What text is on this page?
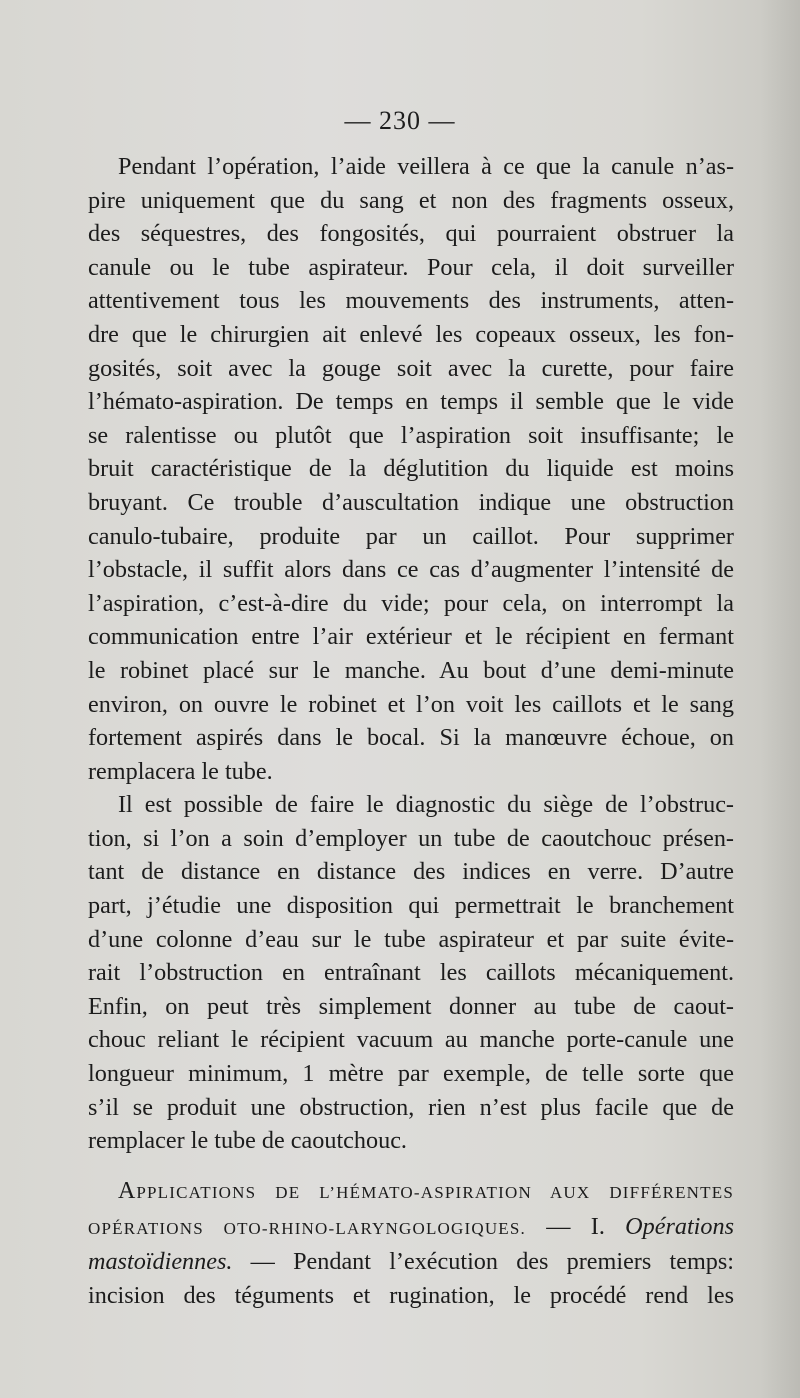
— 230 —
Pendant l’opération, l’aide veillera à ce que la canule n’as-
pire uniquement que du sang et non des fragments osseux,
des séquestres, des fongosités, qui pourraient obstruer la
canule ou le tube aspirateur. Pour cela, il doit surveiller
attentivement tous les mouvements des instruments, atten-
dre que le chirurgien ait enlevé les copeaux osseux, les fon-
gosités, soit avec la gouge soit avec la curette, pour faire
l’hémato-aspiration. De temps en temps il semble que le vide
se ralentisse ou plutôt que l’aspiration soit insuffisante; le
bruit caractéristique de la déglutition du liquide est moins
bruyant. Ce trouble d’auscultation indique une obstruction
canulo-tubaire, produite par un caillot. Pour supprimer
l’obstacle, il suffit alors dans ce cas d’augmenter l’intensité de
l’aspiration, c’est-à-dire du vide; pour cela, on interrompt la
communication entre l’air extérieur et le récipient en fermant
le robinet placé sur le manche. Au bout d’une demi-minute
environ, on ouvre le robinet et l’on voit les caillots et le sang
fortement aspirés dans le bocal. Si la manœuvre échoue, on
remplacera le tube.
Il est possible de faire le diagnostic du siège de l’obstruc-
tion, si l’on a soin d’employer un tube de caoutchouc présen-
tant de distance en distance des indices en verre. D’autre
part, j’étudie une disposition qui permettrait le branchement
d’une colonne d’eau sur le tube aspirateur et par suite évite-
rait l’obstruction en entraînant les caillots mécaniquement.
Enfin, on peut très simplement donner au tube de caout-
chouc reliant le récipient vacuum au manche porte-canule une
longueur minimum, 1 mètre par exemple, de telle sorte que
s’il se produit une obstruction, rien n’est plus facile que de
remplacer le tube de caoutchouc.
APPLICATIONS DE L’HÉMATO-ASPIRATION AUX DIFFÉRENTES
OPÉRATIONS OTO-RHINO-LARYNGOLOGIQUES. — I. Opérations
mastoïdiennes. — Pendant l’exécution des premiers temps:
incision des téguments et rugination, le procédé rend les
